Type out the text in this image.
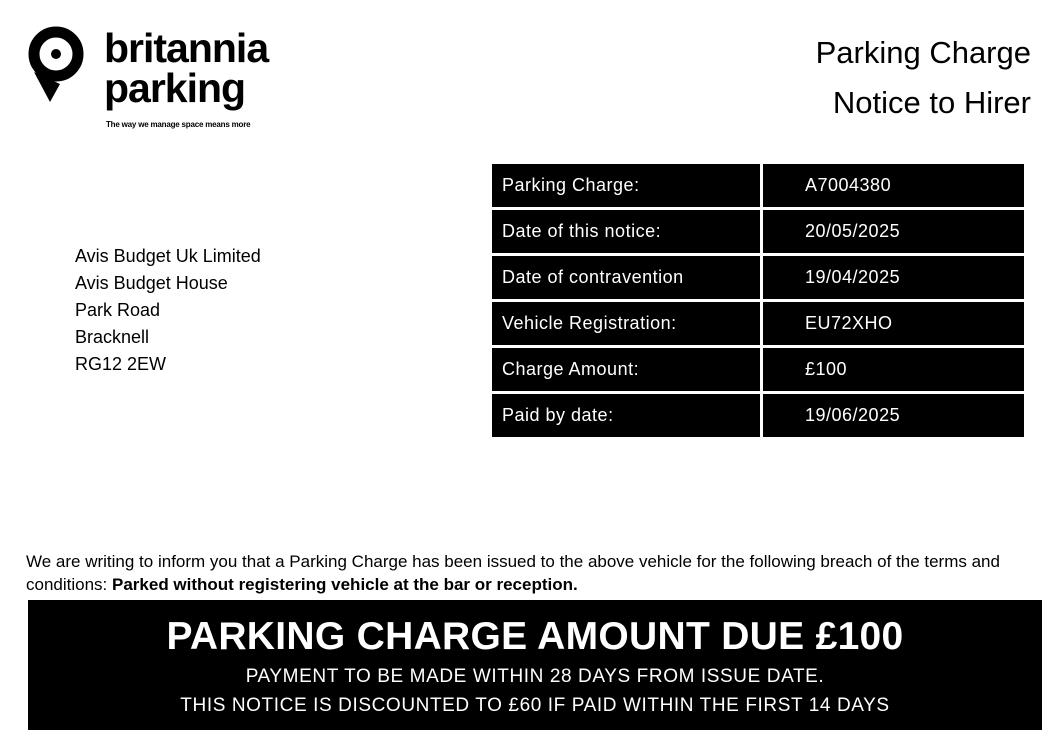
britannia
parking
The way we manage space means more
Parking Charge
Notice to Hirer
Avis Budget Uk Limited
Avis Budget House
Park Road
Bracknell
RG12 2EW
Parking Charge:	A7004380
Date of this notice:	20/05/2025
Date of contravention	19/04/2025
Vehicle Registration:	EU72XHO
Charge Amount:	£100
Paid by date:	19/06/2025
We are writing to inform you that a Parking Charge has been issued to the above vehicle for the following breach of the terms and conditions: Parked without registering vehicle at the bar or reception.
PARKING CHARGE AMOUNT DUE £100
PAYMENT TO BE MADE WITHIN 28 DAYS FROM ISSUE DATE.
THIS NOTICE IS DISCOUNTED TO £60 IF PAID WITHIN THE FIRST 14 DAYS
